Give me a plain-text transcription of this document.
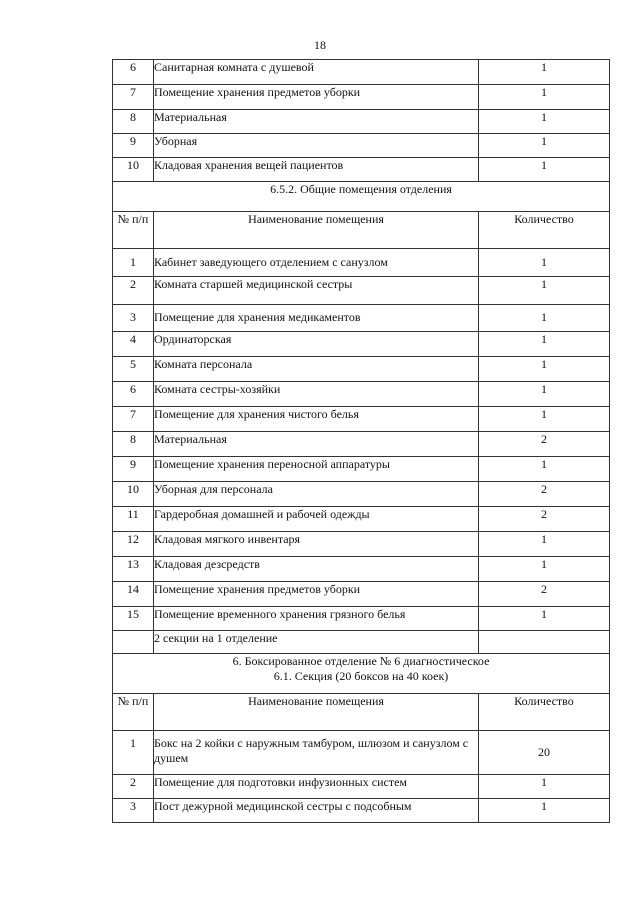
18
6	Санитарная комната с душевой	1
7	Помещение хранения предметов уборки	1
8	Материальная	1
9	Уборная	1
10	Кладовая хранения вещей пациентов	1
6.5.2. Общие помещения отделения		
№ п/п	Наименование помещения	Количество
1	Кабинет заведующего отделением с санузлом	1
2	Комната старшей медицинской сестры	1
3	Помещение для хранения медикаментов	1
4	Ординаторская	1
5	Комната персонала	1
6	Комната сестры-хозяйки	1
7	Помещение для хранения чистого белья	1
8	Материальная	2
9	Помещение хранения переносной аппаратуры	1
10	Уборная для персонала	2
11	Гардеробная домашней и рабочей одежды	2
12	Кладовая мягкого инвентаря	1
13	Кладовая дезсредств	1
14	Помещение хранения предметов уборки	2
15	Помещение временного хранения грязного белья	1
	2 секции на 1 отделение	

6. Боксированное отделение № 6 диагностическое
6.1. Секция (20 боксов на 40 коек)		

№ п/п	Наименование помещения	Количество
1	Бокс на 2 койки с наружным тамбуром, шлюзом и санузлом с душем	20
2	Помещение для подготовки инфузионных систем	1
3	Пост дежурной медицинской сестры с подсобным	1
